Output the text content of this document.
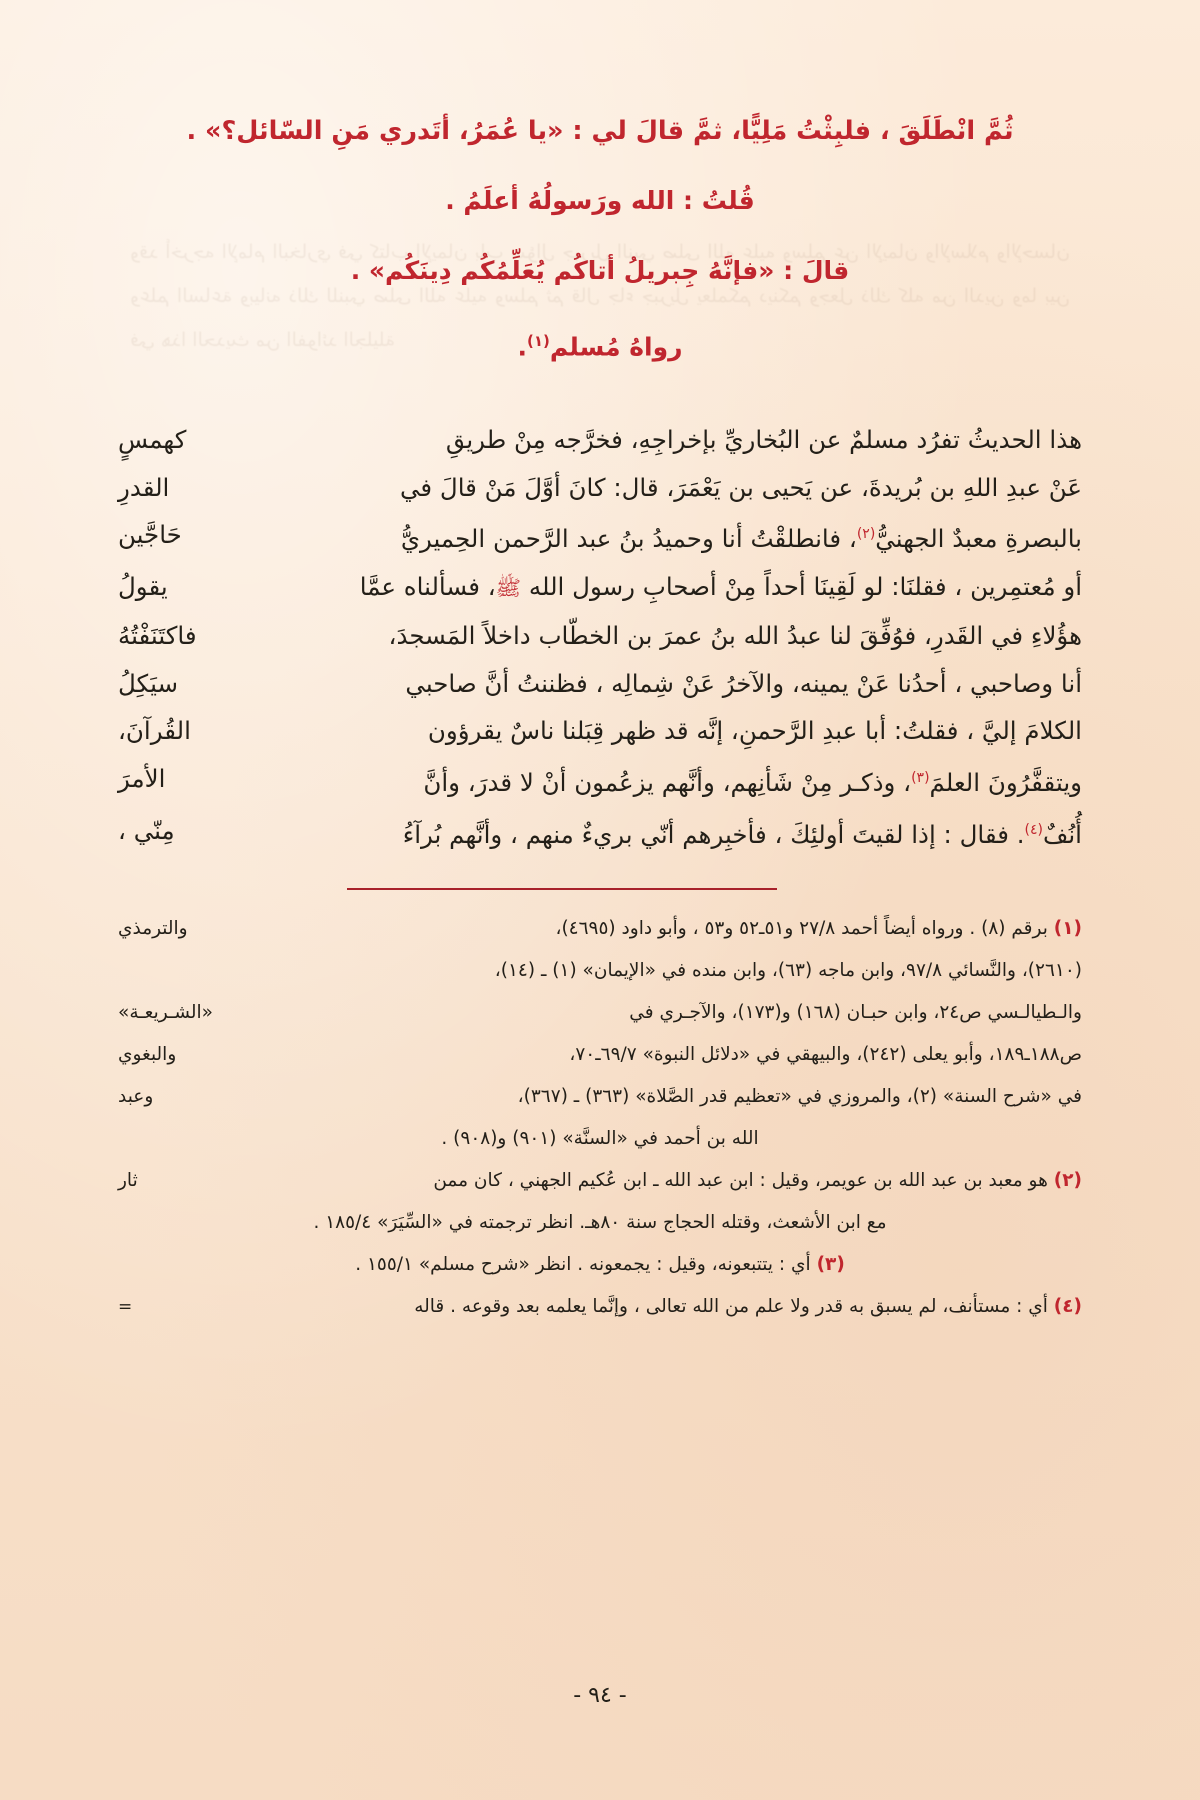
وقد أخرجه الإمام البخاري في كتاب الإيمان باب سؤال جبريل النبي صلى الله عليه وسلم عن الإيمان والإسلام والإحسان وعلم الساعة وبيانه ذلك للنبي صلى الله عليه وسلم ثم قال جاء جبريل يعلمكم دينكم وجعل ذلك كله من الدين وما بين في هذا الحديث من الفوائد الجليلة
ثُمَّ انْطَلَقَ ، فلبِثْتُ مَلِيًّا، ثمَّ قالَ لي : «يا عُمَرُ، أتَدري مَنِ السّائل؟» .
قُلتُ : الله ورَسولُهُ أعلَمُ .
قالَ : «فإنَّهُ جِبريلُ أتاكُم يُعَلِّمُكُم دِينَكُم» .
رواهُ مُسلم$^{(١)}$.
هذا الحديثُ تفرُد مسلمٌ عن البُخاريِّ بإخراجِهِ، فخرَّجه مِنْ طريقِ
كهمسٍ
عَنْ عبدِ اللهِ بن بُريدةَ، عن يَحيى بن يَعْمَرَ، قال: كانَ أوَّلَ مَنْ قالَ في
القدرِ
بالبصرةِ معبدٌ الجهنيُّ$^{(٢)}$، فانطلقْتُ أنا وحميدُ بنُ عبد الرَّحمن الحِميريُّ
حَاجَّين
أو مُعتمِرين ، فقلنَا: لو لَقِينَا أحداً مِنْ أصحابِ رسول الله ﷺ، فسألناه عمَّا
يقولُ
هؤُلاءِ في القَدرِ، فوُفِّقَ لنا عبدُ الله بنُ عمرَ بن الخطّاب داخلاً المَسجدَ،
فاكتَنَفْتُهُ
أنا وصاحبي ، أحدُنا عَنْ يمينه، والآخرُ عَنْ شِمالِه ، فظننتُ أنَّ صاحبي
سيَكِلُ
الكلامَ إليَّ ، فقلتُ: أبا عبدِ الرَّحمنِ، إنَّه قد ظهر قِبَلنا ناسٌ يقرؤون
القُرآنَ،
ويتقفَّرُونَ العلمَ$^{(٣)}$، وذكـر مِنْ شَأنِهم، وأنَّهم يزعُمون أنْ لا قدرَ، وأنَّ
الأمرَ
أُنُفٌ$^{(٤)}$. فقال : إذا لقيتَ أولئِكَ ، فأخبِرهم أنّي بريءٌ منهم ، وأنَّهم بُرآءُ
مِنّي ،
(١) برقم (٨) . ورواه أيضاً أحمد ٢٧/٨ و٥١ـ٥٢ و٥٣ ، وأبو داود (٤٦٩٥)،
والترمذي
(٢٦١٠)، والنَّسائي ٩٧/٨، وابن ماجه (٦٣)، وابن منده في «الإيمان» (١) ـ (١٤)،
والـطيالـسي ص٢٤، وابن حبـان (١٦٨) و(١٧٣)، والآجـري في
«الشـريعـة»
ص١٨٨ـ١٨٩، وأبو يعلى (٢٤٢)، والبيهقي في «دلائل النبوة» ٦٩/٧ـ٧٠،
والبغوي
في «شرح السنة» (٢)، والمروزي في «تعظيم قدر الصَّلاة» (٣٦٣) ـ (٣٦٧)،
وعبد
الله بن أحمد في «السنَّة» (٩٠١) و(٩٠٨) .
(٢) هو معبد بن عبد الله بن عويمر، وقيل : ابن عبد الله ـ ابن عُكيم الجهني ، كان ممن
ثار
مع ابن الأشعث، وقتله الحجاج سنة ٨٠هـ. انظر ترجمته في «السِّيَرَ» ١٨٥/٤ .
(٣) أي : يتتبعونه، وقيل : يجمعونه . انظر «شرح مسلم» ١٥٥/١ .
(٤) أي : مستأنف، لم يسبق به قدر ولا علم من الله تعالى ، وإنَّما يعلمه بعد وقوعه . قاله
=
- ٩٤ -
